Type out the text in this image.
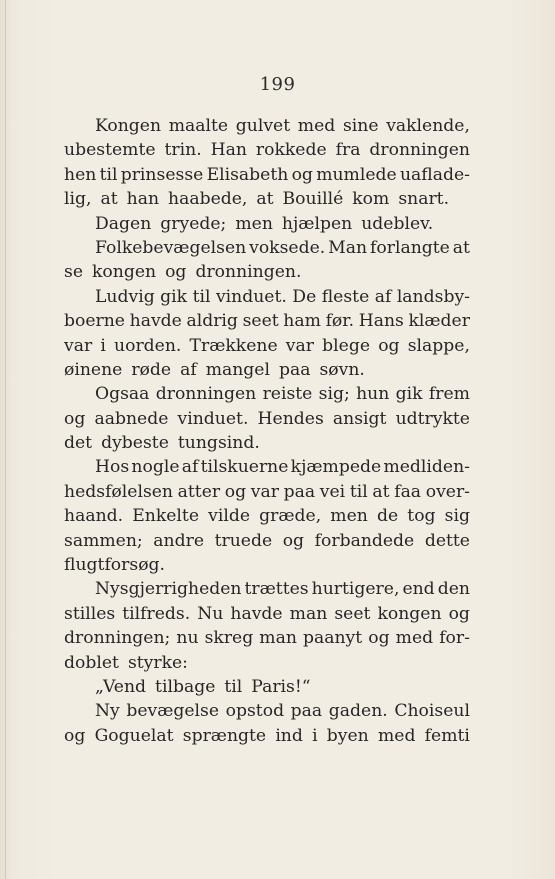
199
Kongen maalte gulvet med sine vaklende,
ubestemte trin. Han rokkede fra dronningen
hen til prinsesse Elisabeth og mumlede uaflade-
lig, at han haabede, at Bouillé kom snart.
Dagen gryede; men hjælpen udeblev.
Folkebevægelsen voksede. Man forlangte at
se kongen og dronningen.
Ludvig gik til vinduet. De fleste af landsby-
boerne havde aldrig seet ham før. Hans klæder
var i uorden. Trækkene var blege og slappe,
øinene røde af mangel paa søvn.
Ogsaa dronningen reiste sig; hun gik frem
og aabnede vinduet. Hendes ansigt udtrykte
det dybeste tungsind.
Hos nogle af tilskuerne kjæmpede medliden-
hedsfølelsen atter og var paa vei til at faa over-
haand. Enkelte vilde græde, men de tog sig
sammen; andre truede og forbandede dette
flugtforsøg.
Nysgjerrigheden trættes hurtigere, end den
stilles tilfreds. Nu havde man seet kongen og
dronningen; nu skreg man paanyt og med for-
doblet styrke:
„Vend tilbage til Paris!“
Ny bevægelse opstod paa gaden. Choiseul
og Goguelat sprængte ind i byen med femti
